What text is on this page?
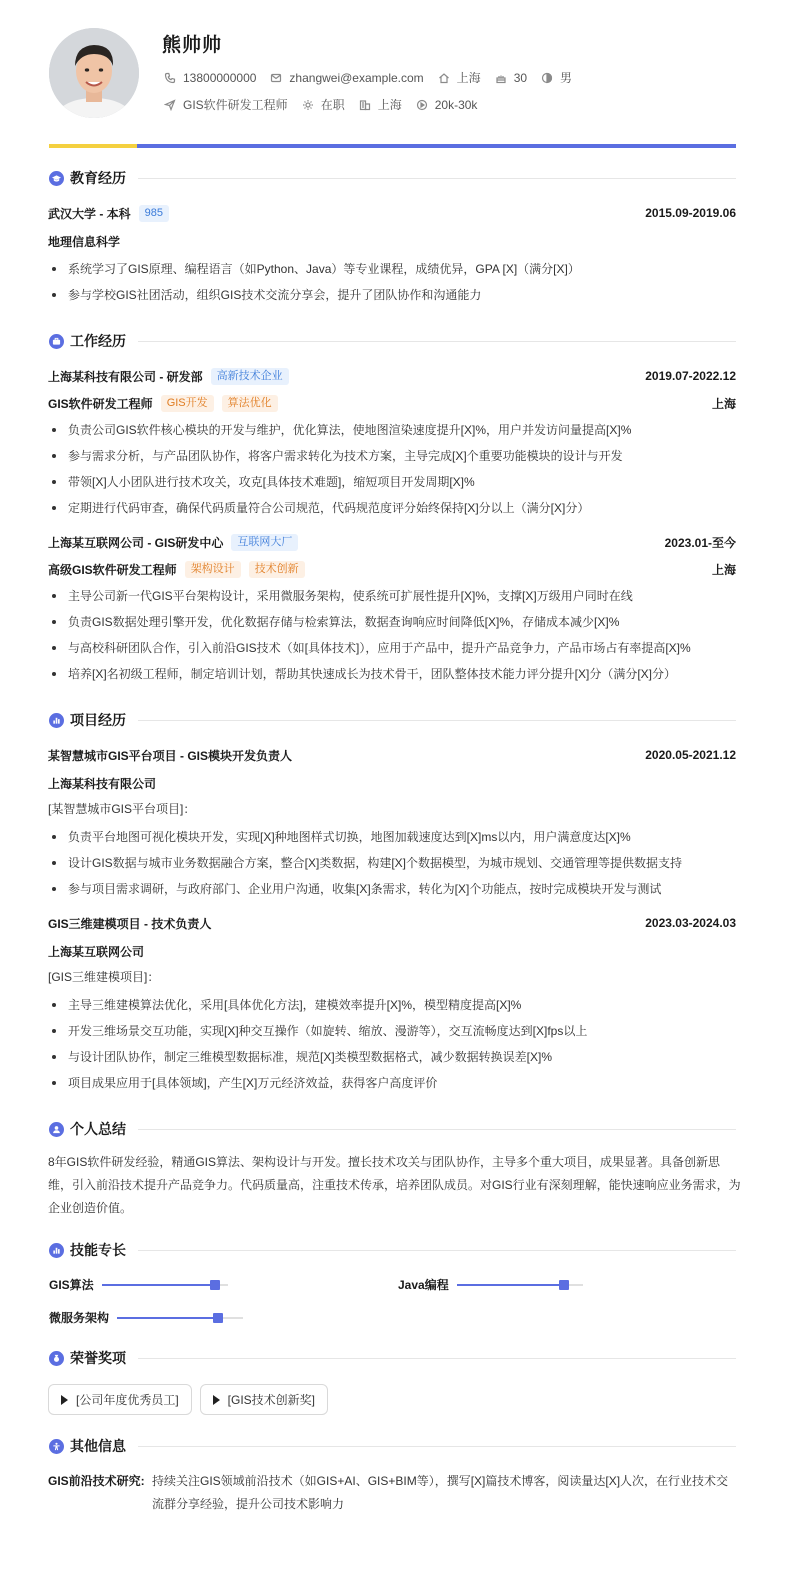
熊帅帅
13800000000	zhangwei@example.com	上海	30	男
GIS软件研发工程师	在职	上海	20k-30k
教育经历
武汉大学 - 本科	985	2015.09-2019.06
地理信息科学
系统学习了GIS原理、编程语言（如Python、Java）等专业课程，成绩优异，GPA [X]（满分[X]）
参与学校GIS社团活动，组织GIS技术交流分享会，提升了团队协作和沟通能力
工作经历
上海某科技有限公司 - 研发部	高新技术企业	2019.07-2022.12
GIS软件研发工程师	GIS开发	算法优化	上海
负责公司GIS软件核心模块的开发与维护，优化算法，使地图渲染速度提升[X]%，用户并发访问量提高[X]%
参与需求分析，与产品团队协作，将客户需求转化为技术方案，主导完成[X]个重要功能模块的设计与开发
带领[X]人小团队进行技术攻关，攻克[具体技术难题]，缩短项目开发周期[X]%
定期进行代码审查，确保代码质量符合公司规范，代码规范度评分始终保持[X]分以上（满分[X]分）
上海某互联网公司 - GIS研发中心	互联网大厂	2023.01-至今
高级GIS软件研发工程师	架构设计	技术创新	上海
主导公司新一代GIS平台架构设计，采用微服务架构，使系统可扩展性提升[X]%，支撑[X]万级用户同时在线
负责GIS数据处理引擎开发，优化数据存储与检索算法，数据查询响应时间降低[X]%，存储成本减少[X]%
与高校科研团队合作，引入前沿GIS技术（如[具体技术]），应用于产品中，提升产品竞争力，产品市场占有率提高[X]%
培养[X]名初级工程师，制定培训计划，帮助其快速成长为技术骨干，团队整体技术能力评分提升[X]分（满分[X]分）
项目经历
某智慧城市GIS平台项目 - GIS模块开发负责人	2020.05-2021.12
上海某科技有限公司
[某智慧城市GIS平台项目]：
负责平台地图可视化模块开发，实现[X]种地图样式切换，地图加载速度达到[X]ms以内，用户满意度达[X]%
设计GIS数据与城市业务数据融合方案，整合[X]类数据，构建[X]个数据模型，为城市规划、交通管理等提供数据支持
参与项目需求调研，与政府部门、企业用户沟通，收集[X]条需求，转化为[X]个功能点，按时完成模块开发与测试
GIS三维建模项目 - 技术负责人	2023.03-2024.03
上海某互联网公司
[GIS三维建模项目]：
主导三维建模算法优化，采用[具体优化方法]，建模效率提升[X]%，模型精度提高[X]%
开发三维场景交互功能，实现[X]种交互操作（如旋转、缩放、漫游等），交互流畅度达到[X]fps以上
与设计团队协作，制定三维模型数据标准，规范[X]类模型数据格式，减少数据转换误差[X]%
项目成果应用于[具体领域]，产生[X]万元经济效益，获得客户高度评价
个人总结
8年GIS软件研发经验，精通GIS算法、架构设计与开发。擅长技术攻关与团队协作，主导多个重大项目，成果显著。具备创新思
维，引入前沿技术提升产品竞争力。代码质量高，注重技术传承，培养团队成员。对GIS行业有深刻理解，能快速响应业务需求，为
企业创造价值。
技能专长
GIS算法	Java编程
微服务架构
荣誉奖项
[公司年度优秀员工]	[GIS技术创新奖]
其他信息
GIS前沿技术研究: 持续关注GIS领域前沿技术（如GIS+AI、GIS+BIM等），撰写[X]篇技术博客，阅读量达[X]人次，在行业技术交
流群分享经验，提升公司技术影响力
